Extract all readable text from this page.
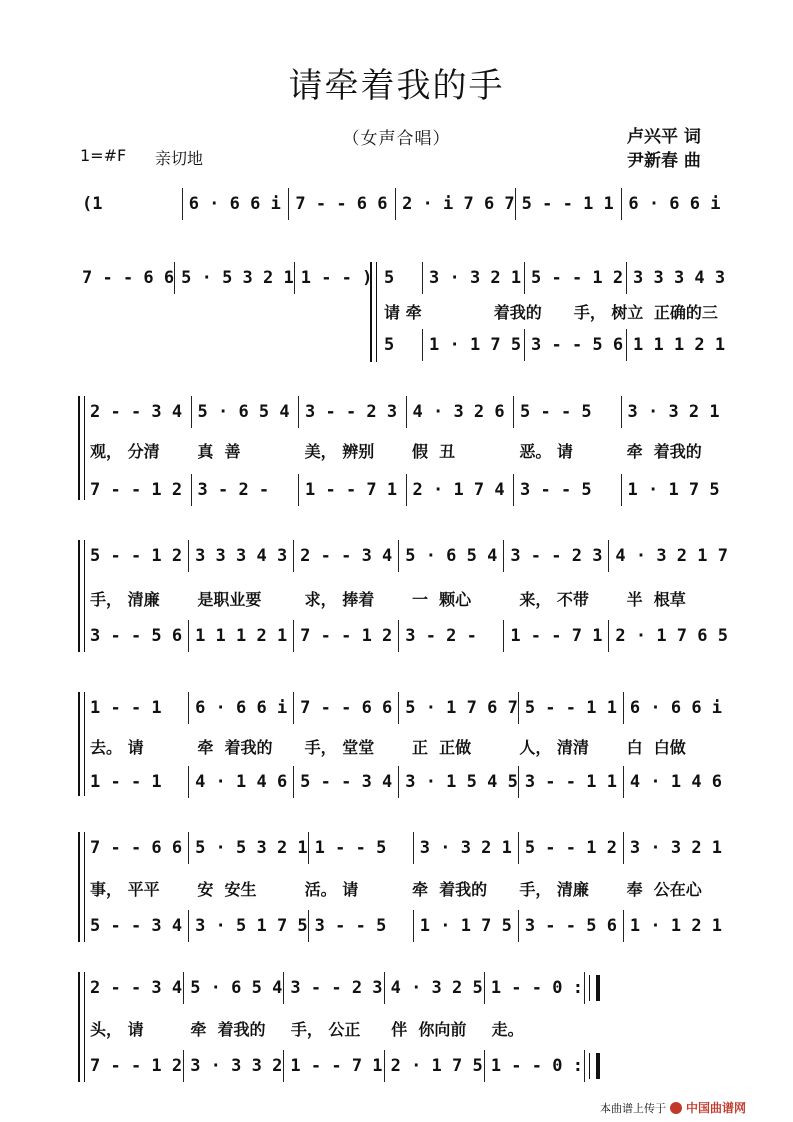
请牵着我的手
（女声合唱）
1=#F 亲切地
卢兴平 词
尹新春 曲
(1	6 · 6 6 i 7 - - 6 6 2 · i 7 6 7 5 - - 1 1 6 · 6 6 i
7 - - 6 6 5 · 5 3 2 1 1 - - ) 5	3 · 3 2 1 5 - - 1 2 3 3 3 4 3
请 牵	着我的	手， 树立 正确的三
5	1 · 1 7 5 3 - - 5 6 1 1 1 2 1
2 - - 3 4 5 · 6 5 4 3 - - 2 3 4 · 3 2 6 5 - - 5	3 · 3 2 1
观， 分清	真  善	美， 辨别	假  丑	恶。 请	牵  着我的
7 - - 1 2 3 - 2 -	1 - - 7 1 2 · 1 7 4 3 - - 5	1 · 1 7 5
5 - - 1 2 3 3 3 4 3 2 - - 3 4 5 · 6 5 4 3 - - 2 3 4 · 3 2 1 7
手， 清廉	是职业要	求， 捧着	一  颗心	来， 不带	半  根草
3 - - 5 6 1 1 1 2 1 7 - - 1 2 3 - 2 -	1 - - 7 1 2 · 1 7 6 5
1 - - 1	6 · 6 6 i 7 - - 6 6 5 · 1 7 6 7 5 - - 1 1 6 · 6 6 i
去。 请	牵  着我的	手， 堂堂	正  正做	人， 清清	白  白做
1 - - 1	4 · 1 4 6 5 - - 3 4 3 · 1 5 4 5 3 - - 1 1 4 · 1 4 6
7 - - 6 6 5 · 5 3 2 1 1 - - 5	3 · 3 2 1 5 - - 1 2 3 · 3 2 1
事， 平平	安  安生	活。 请	牵  着我的	手， 清廉	奉  公在心
5 - - 3 4 3 · 5 1 7 5 3 - - 5	1 · 1 7 5 3 - - 5 6 1 · 1 2 1
2 - - 3 4 5 · 6 5 4 3 - - 2 3 4 · 3 2 5 1 - - 0 :
头， 请	牵  着我的	手， 公正	伴  你向前	走。
7 - - 1 2 3 · 3 3 2 1 - - 7 1 2 · 1 7 5 1 - - 0 :
本曲谱上传于 中国曲谱网
